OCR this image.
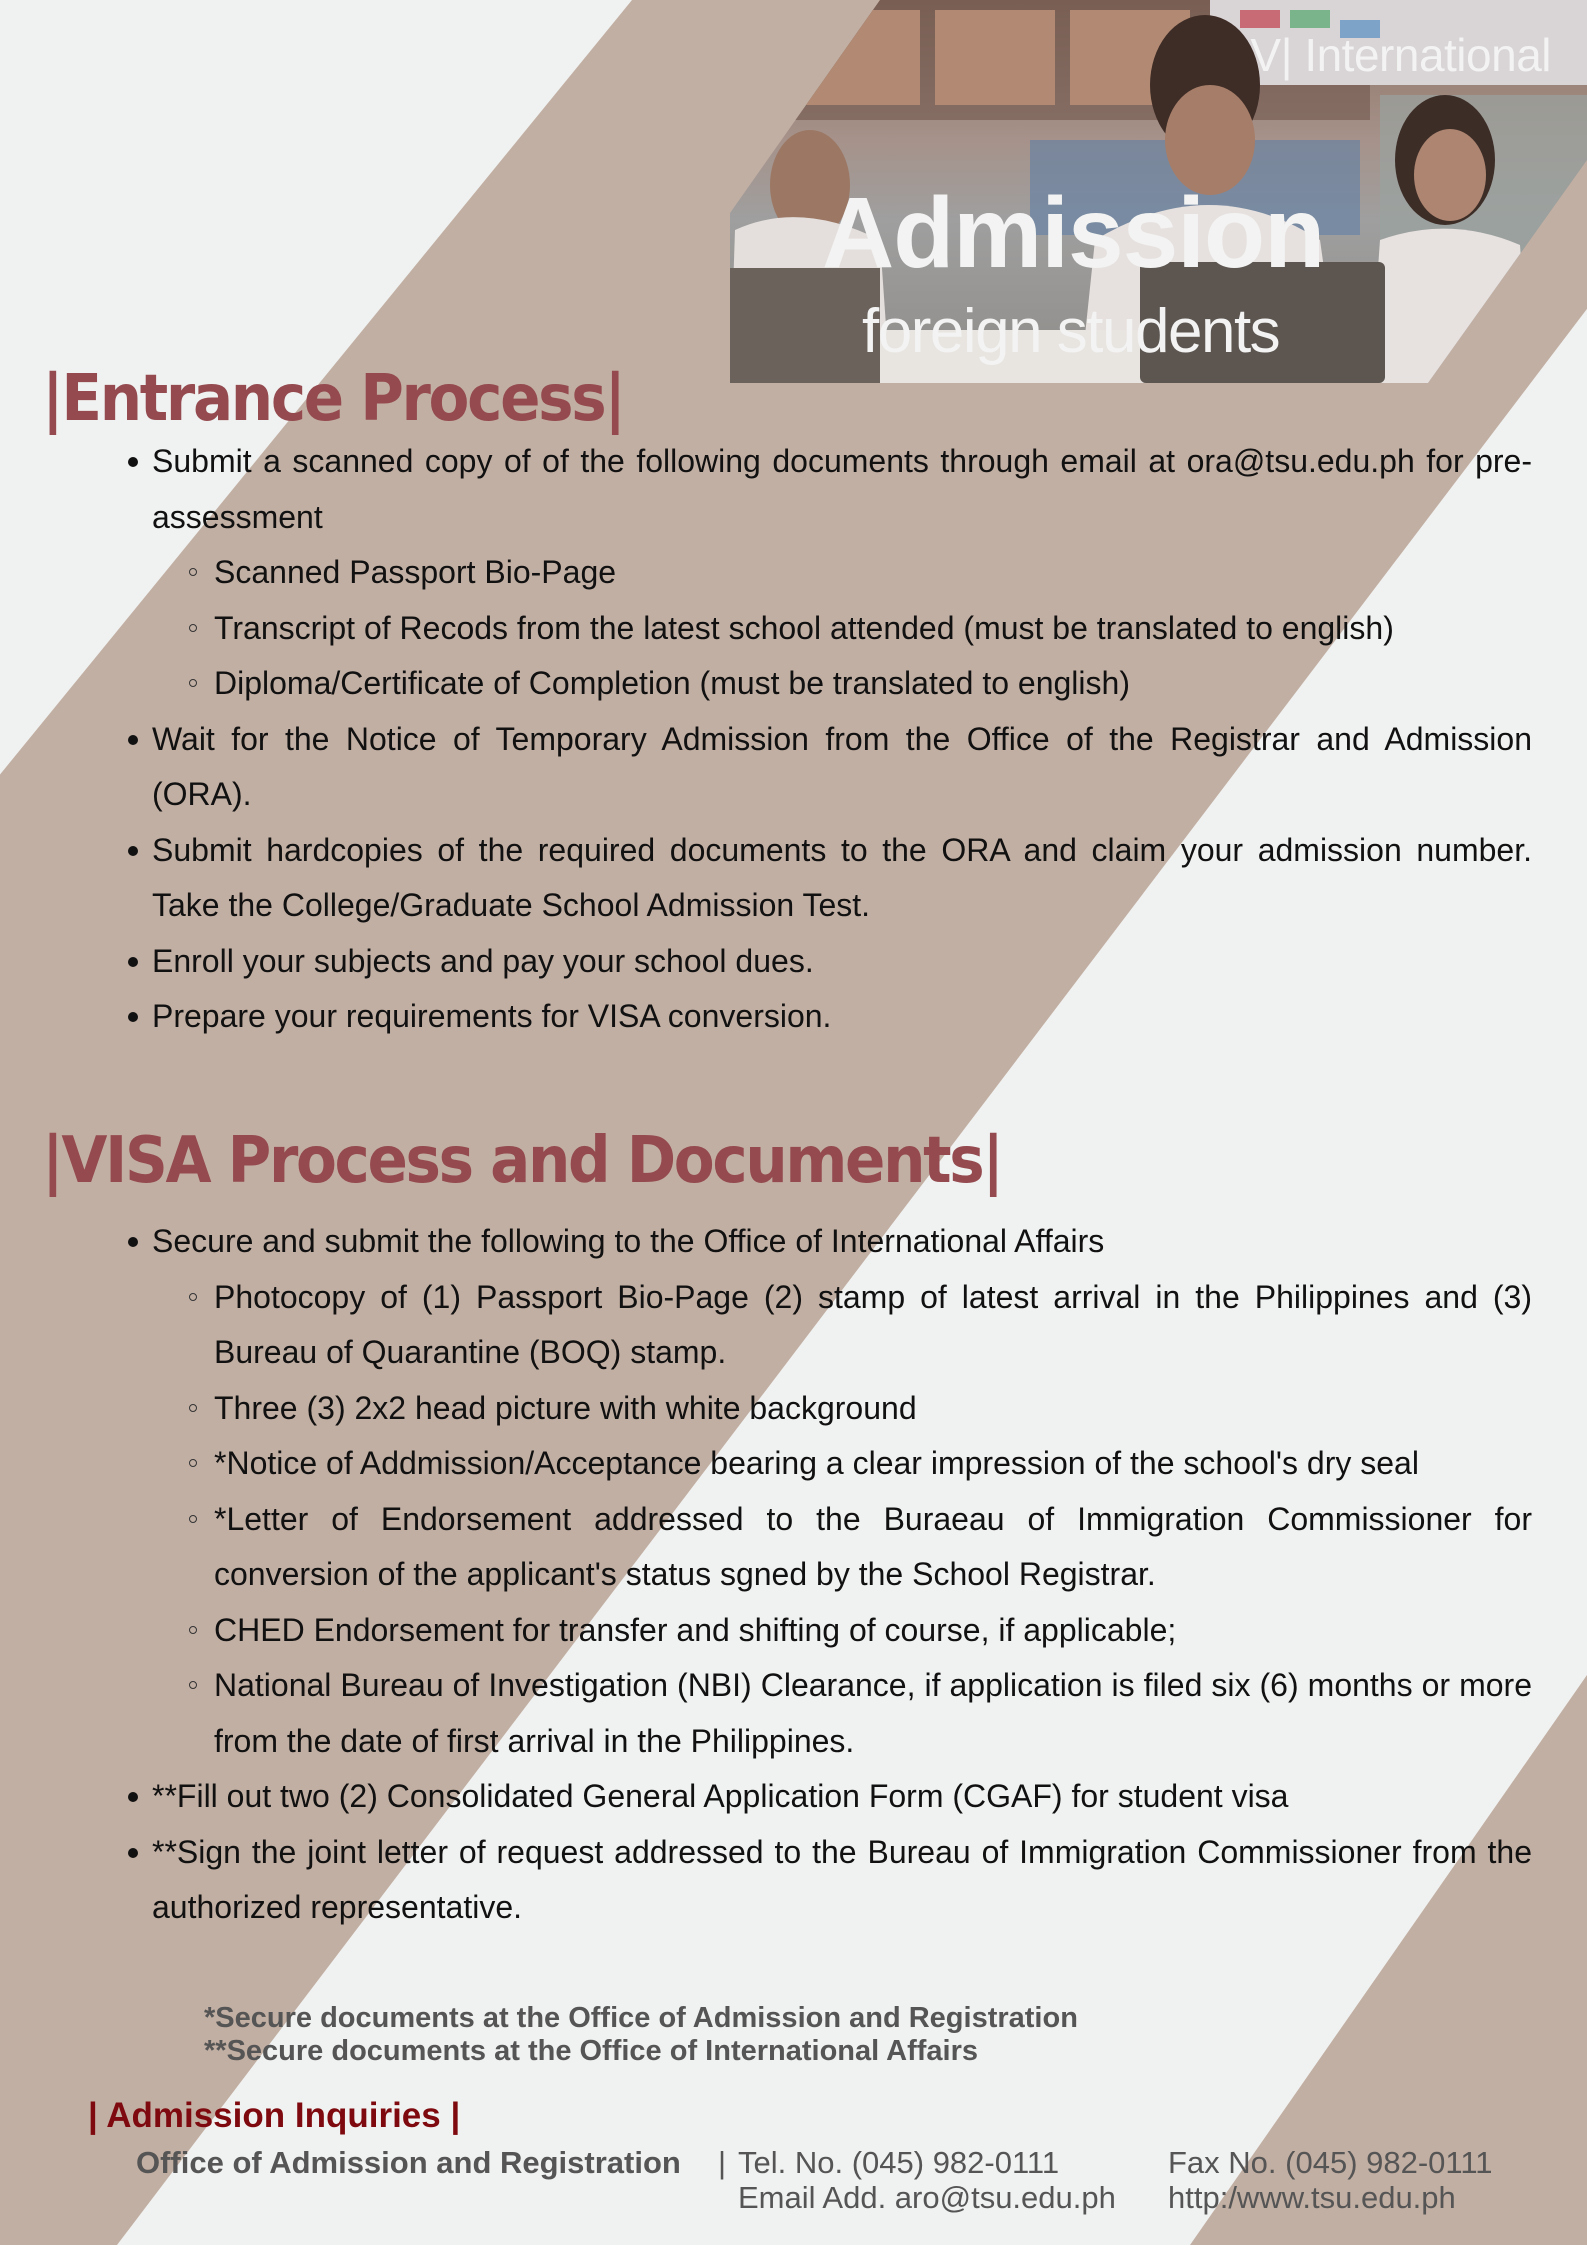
V| International
Admission
foreign students
|Entrance Process|
Submit a scanned copy of of the following documents through email at ora@tsu.edu.ph for pre-assessment
Scanned Passport Bio-Page
Transcript of Recods from the latest school attended (must be translated to english)
Diploma/Certificate of Completion (must be translated to english)
Wait for the Notice of Temporary Admission from the Office of the Registrar and Admission (ORA).
Submit hardcopies of the required documents to the ORA and claim your admission number. Take the College/Graduate School Admission Test.
Enroll your subjects and pay your school dues.
Prepare your requirements for VISA conversion.
|VISA Process and Documents|
Secure and submit the following to the Office of International Affairs
Photocopy of (1) Passport Bio-Page (2) stamp of latest arrival in the Philippines and (3) Bureau of Quarantine (BOQ) stamp.
Three (3) 2x2 head picture with white background
*Notice of Addmission/Acceptance bearing a clear impression of the school's dry seal
*Letter of Endorsement addressed to the Buraeau of Immigration Commissioner for conversion of the applicant's status sgned by the School Registrar.
CHED Endorsement for transfer and shifting of course, if applicable;
National Bureau of Investigation (NBI) Clearance, if application is filed six (6) months or more from the date of first arrival in the Philippines.
**Fill out two (2) Consolidated General Application Form (CGAF) for student visa
**Sign the joint letter of request addressed to the Bureau of Immigration Commissioner from the authorized representative.
*Secure documents at the Office of Admission and Registration
**Secure documents at the Office of International Affairs
| Admission Inquiries |
Office of Admission and Registration | Tel. No. (045) 982-0111
Email Add. aro@tsu.edu.ph
Fax No. (045) 982-0111
http:/www.tsu.edu.ph
